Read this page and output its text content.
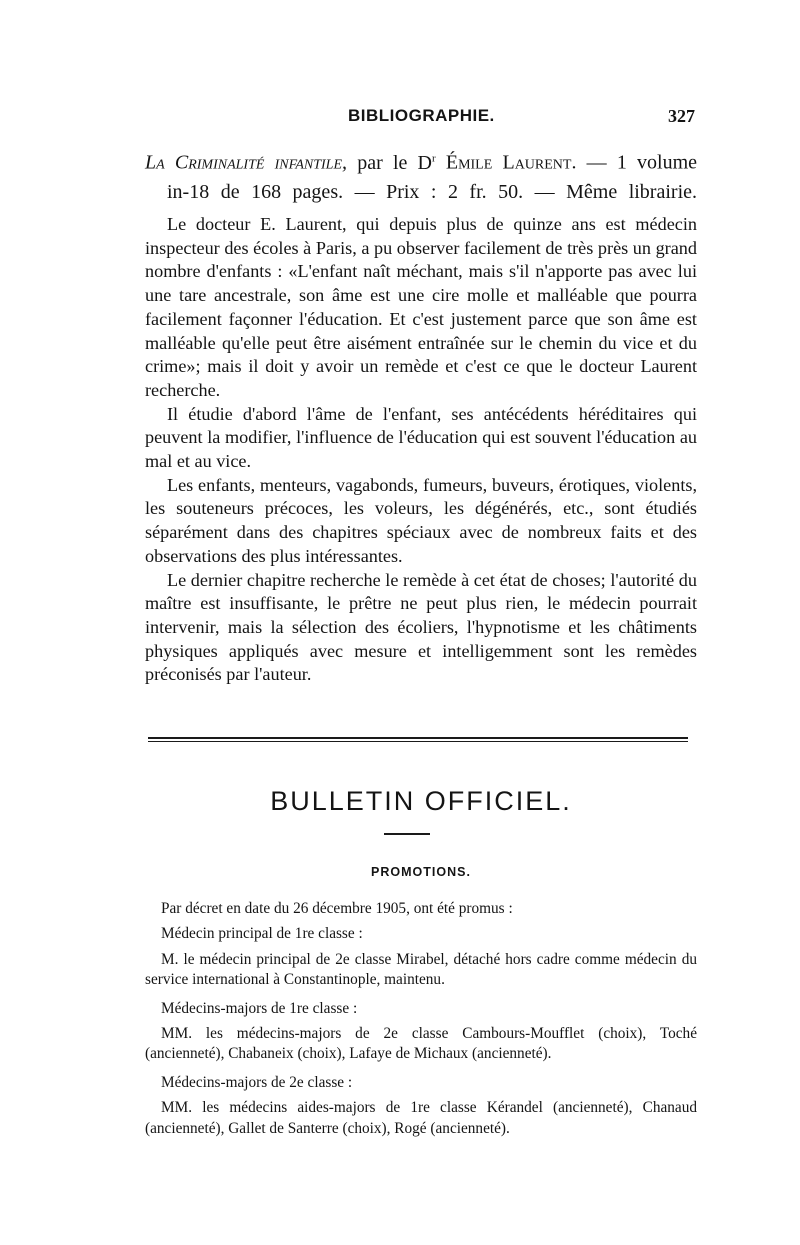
BIBLIOGRAPHIE.	327
La Criminalité infantile, par le $D^r$ Émile Laurent. — 1 volume
in-18 de 168 pages. — Prix : 2 fr. 50. — Même librairie.

Le docteur E. Laurent, qui depuis plus de quinze ans est médecin inspecteur des écoles à Paris, a pu observer facilement de très près un grand nombre d'enfants : «L'enfant naît méchant, mais s'il n'apporte pas avec lui une tare ancestrale, son âme est une cire molle et malléable que pourra facilement façonner l'éducation. Et c'est justement parce que son âme est malléable qu'elle peut être aisément entraînée sur le chemin du vice et du crime»; mais il doit y avoir un remède et c'est ce que le docteur Laurent recherche.

Il étudie d'abord l'âme de l'enfant, ses antécédents héréditaires qui peuvent la modifier, l'influence de l'éducation qui est souvent l'éducation au mal et au vice.

Les enfants, menteurs, vagabonds, fumeurs, buveurs, érotiques, violents, les souteneurs précoces, les voleurs, les dégénérés, etc., sont étudiés séparément dans des chapitres spéciaux avec de nombreux faits et des observations des plus intéressantes.

Le dernier chapitre recherche le remède à cet état de choses; l'autorité du maître est insuffisante, le prêtre ne peut plus rien, le médecin pourrait intervenir, mais la sélection des écoliers, l'hypnotisme et les châtiments physiques appliqués avec mesure et intelligemment sont les remèdes préconisés par l'auteur.

BULLETIN OFFICIEL.
PROMOTIONS.

Par décret en date du 26 décembre 1905, ont été promus :

Médecin principal de 1re classe :

M. le médecin principal de 2e classe Mirabel, détaché hors cadre comme médecin du service international à Constantinople, maintenu.

Médecins-majors de 1re classe :

MM. les médecins-majors de 2e classe Cambours-Moufflet (choix), Toché (ancienneté), Chabaneix (choix), Lafaye de Michaux (ancienneté).

Médecins-majors de 2e classe :

MM. les médecins aides-majors de 1re classe Kérandel (ancienneté), Chanaud (ancienneté), Gallet de Santerre (choix), Rogé (ancienneté).
